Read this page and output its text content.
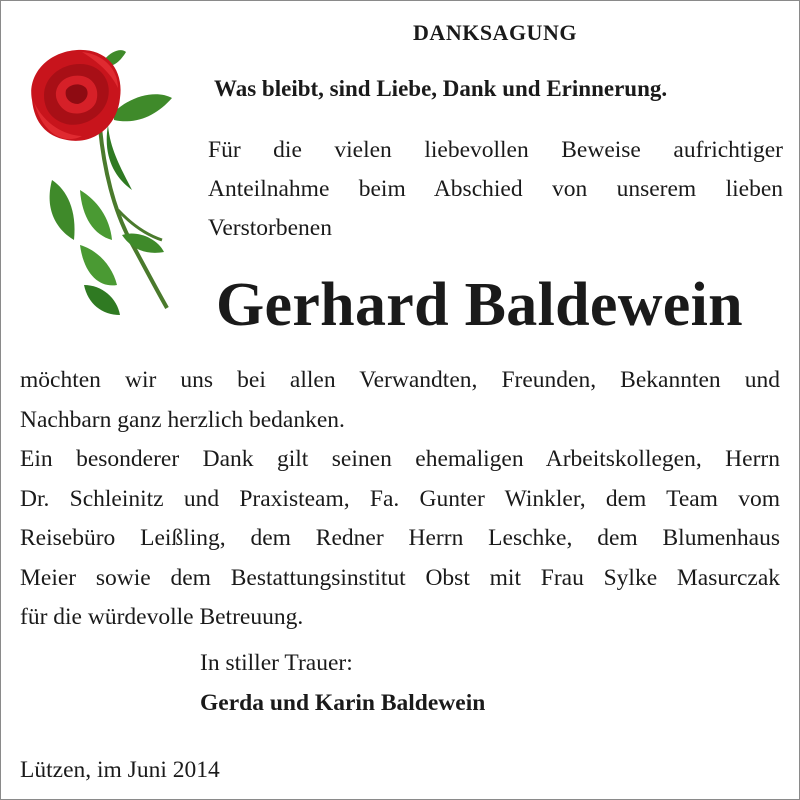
DANKSAGUNG
Was bleibt, sind Liebe, Dank und Erinnerung.
Für die vielen liebevollen Beweise aufrichtiger
Anteilnahme beim Abschied von unserem lieben
Verstorbenen
Gerhard Baldewein
möchten wir uns bei allen Verwandten, Freunden, Bekannten und
Nachbarn ganz herzlich bedanken.
Ein besonderer Dank gilt seinen ehemaligen Arbeitskollegen, Herrn
Dr. Schleinitz und Praxisteam, Fa. Gunter Winkler, dem Team vom
Reisebüro Leißling, dem Redner Herrn Leschke, dem Blumenhaus
Meier sowie dem Bestattungsinstitut Obst mit Frau Sylke Masurczak
für die würdevolle Betreuung.
In stiller Trauer:
Gerda und Karin Baldewein
Lützen, im Juni 2014
